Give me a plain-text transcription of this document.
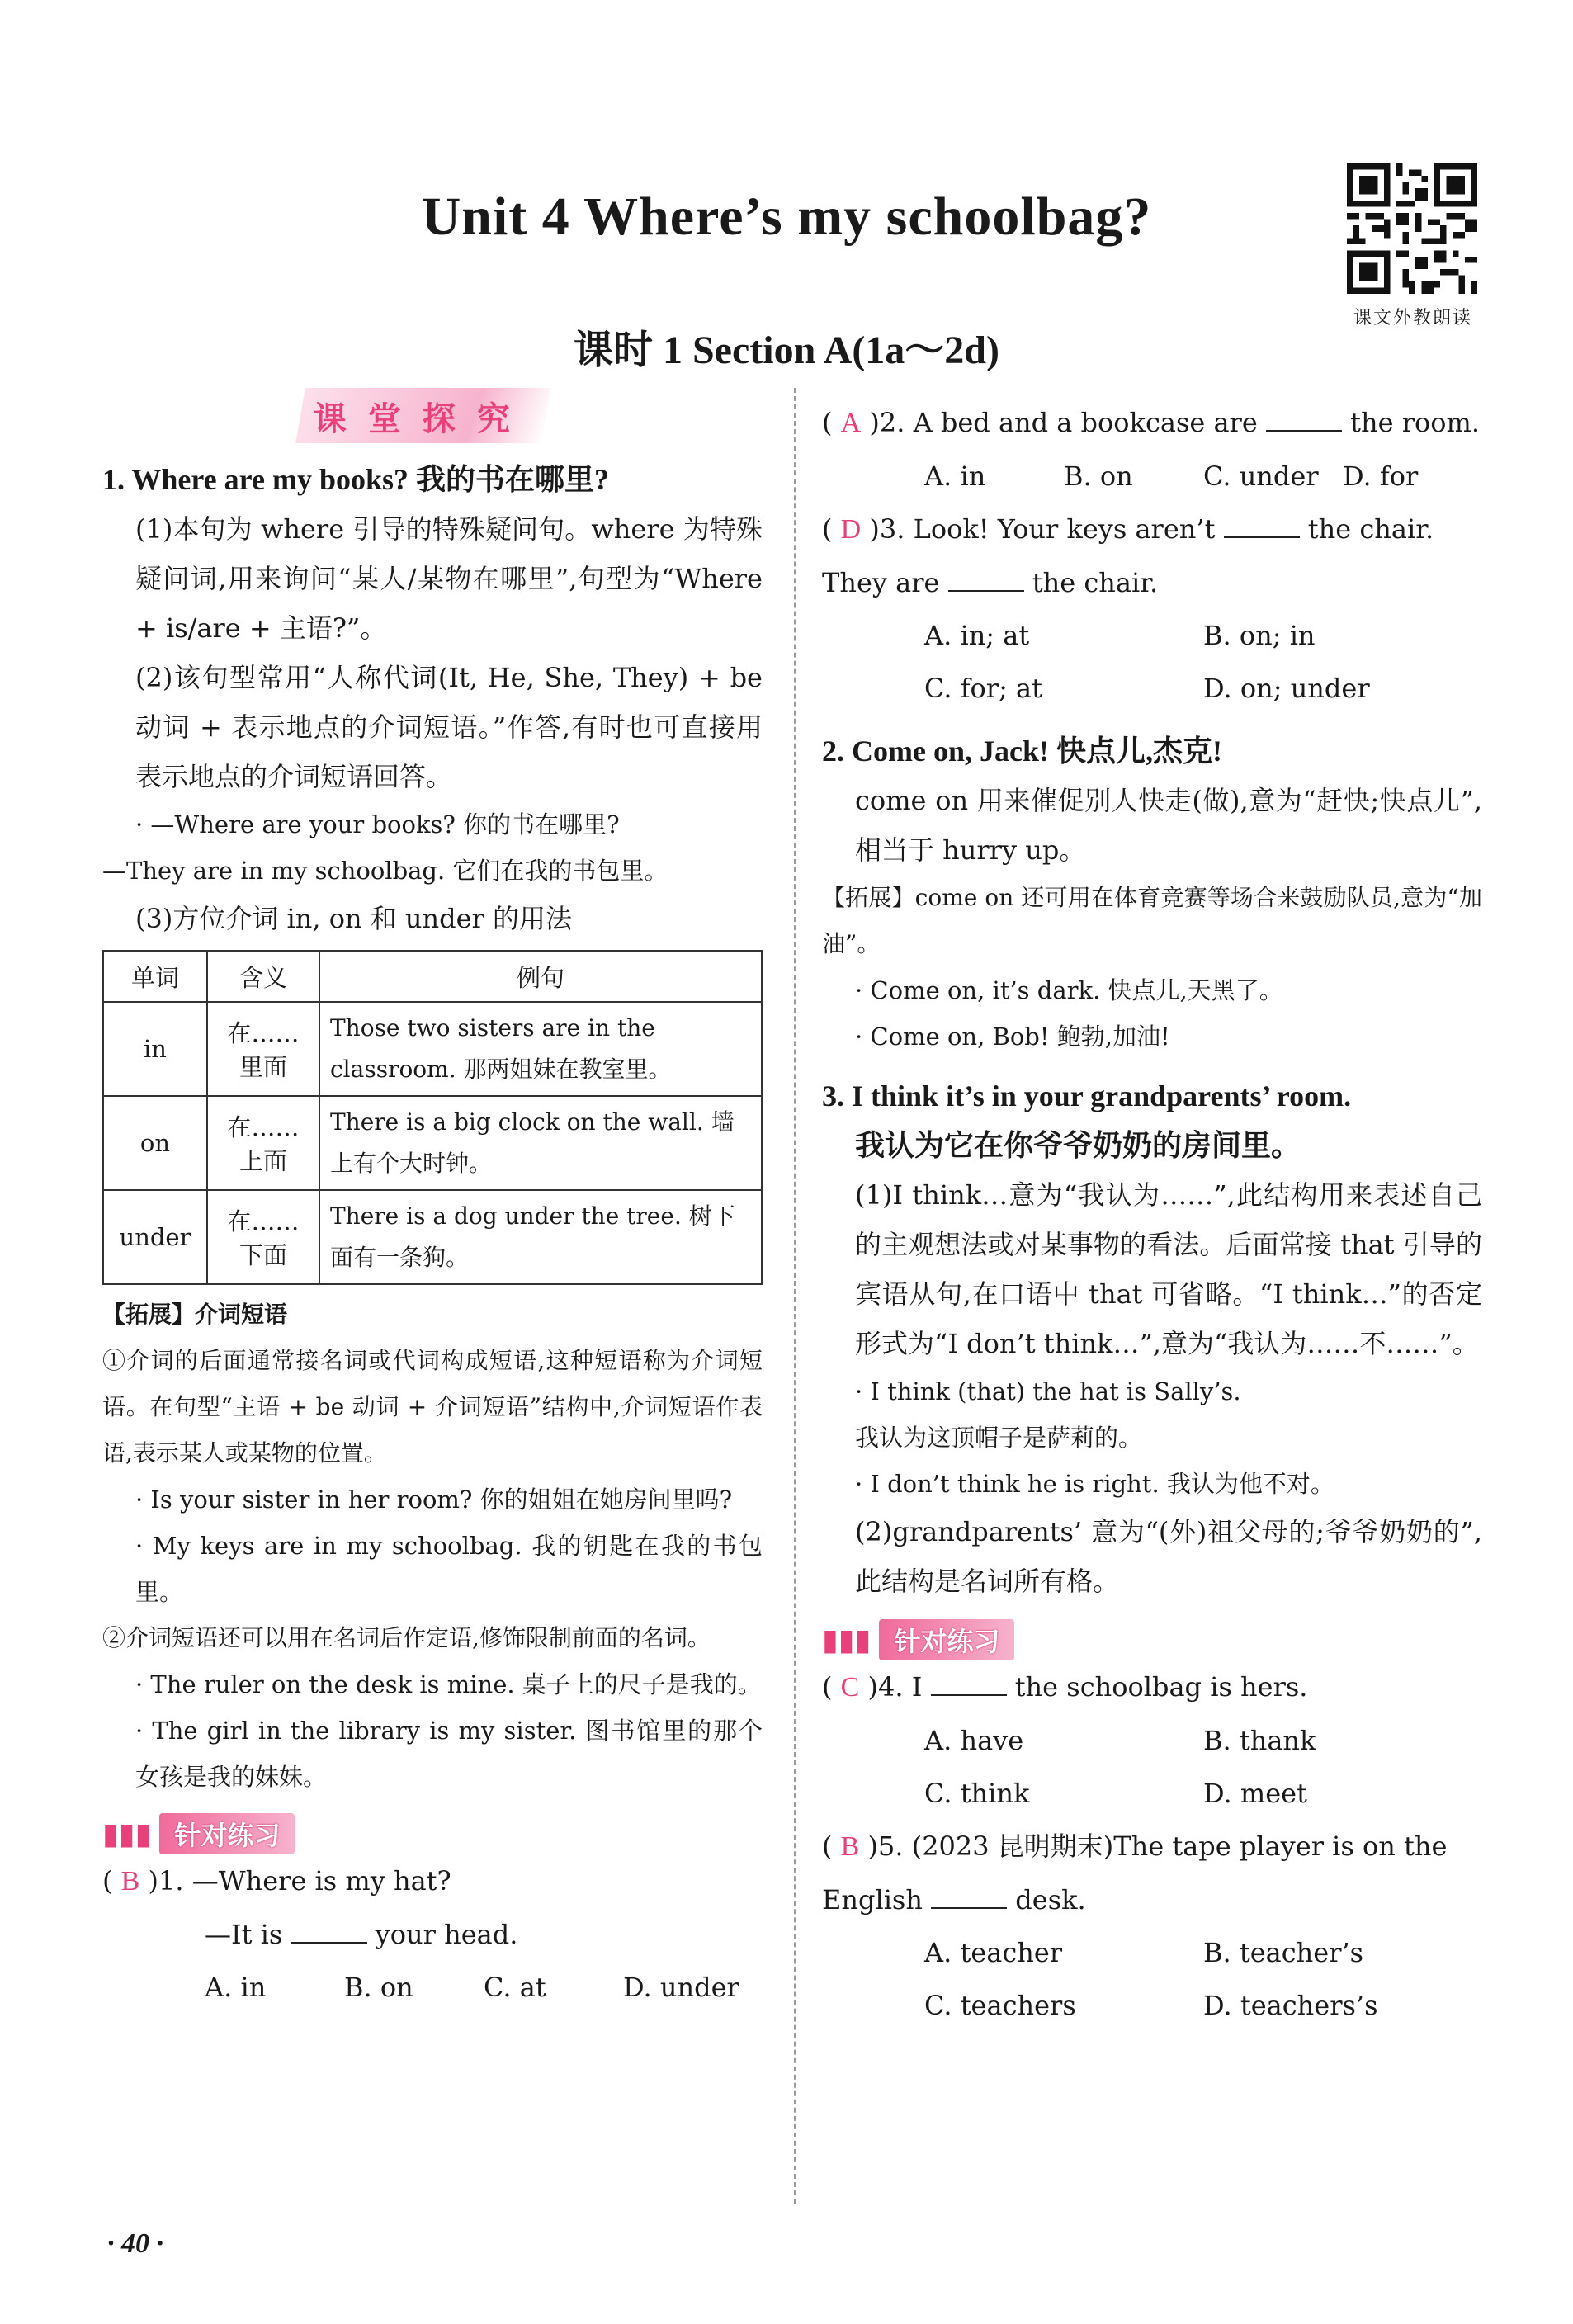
Unit 4 Where’s my schoolbag?
课时 1 Section A(1a～2d)
课文外教朗读
课堂探究
1. Where are my books? 我的书在哪里?
(1)本句为 where 引导的特殊疑问句。where 为特殊疑问词,用来询问“某人/某物在哪里”,句型为“Where + is/are + 主语?”。
(2)该句型常用“人称代词(It, He, She, They) + be 动词 + 表示地点的介词短语。”作答,有时也可直接用表示地点的介词短语回答。
· —Where are your books? 你的书在哪里?
—They are in my schoolbag. 它们在我的书包里。
(3)方位介词 in, on 和 under 的用法
单词	含义	例句
in	在……里面	Those two sisters are in the classroom. 那两姐妹在教室里。
on	在……上面	There is a big clock on the wall. 墙上有个大时钟。
under	在……下面	There is a dog under the tree. 树下面有一条狗。
【拓展】介词短语
①介词的后面通常接名词或代词构成短语,这种短语称为介词短语。在句型“主语 + be 动词 + 介词短语”结构中,介词短语作表语,表示某人或某物的位置。
· Is your sister in her room? 你的姐姐在她房间里吗?
· My keys are in my schoolbag. 我的钥匙在我的书包里。
②介词短语还可以用在名词后作定语,修饰限制前面的名词。
· The ruler on the desk is mine. 桌子上的尺子是我的。
· The girl in the library is my sister. 图书馆里的那个女孩是我的妹妹。
▮▮▮ 针对练习
( B )1. —Where is my hat?
—It is	your head.
A. in	B. on	C. at	D. under
( A )2. A bed and a bookcase are	the room.
A. in	B. on	C. under D. for
( D )3. Look! Your keys aren’t	the chair. They are	the chair.
A. in; at	B. on; in
C. for; at	D. on; under
2. Come on, Jack! 快点儿,杰克!
come on 用来催促别人快走(做),意为“赶快;快点儿”,相当于 hurry up。
【拓展】come on 还可用在体育竞赛等场合来鼓励队员,意为“加油”。
· Come on, it’s dark. 快点儿,天黑了。
· Come on, Bob! 鲍勃,加油!
3. I think it’s in your grandparents’ room.
我认为它在你爷爷奶奶的房间里。
(1)I think…意为“我认为……”,此结构用来表述自己的主观想法或对某事物的看法。后面常接 that 引导的宾语从句,在口语中 that 可省略。“I think…”的否定形式为“I don’t think…”,意为“我认为……不……”。
· I think (that) the hat is Sally’s.
我认为这顶帽子是萨莉的。
· I don’t think he is right. 我认为他不对。
(2)grandparents’ 意为“(外)祖父母的;爷爷奶奶的”,此结构是名词所有格。
▮▮▮ 针对练习
( C )4. I	the schoolbag is hers.
A. have	B. thank
C. think	D. meet
( B )5. (2023 昆明期末)The tape player is on the English	desk.
A. teacher	B. teacher’s
C. teachers	D. teachers’s
· 40 ·
